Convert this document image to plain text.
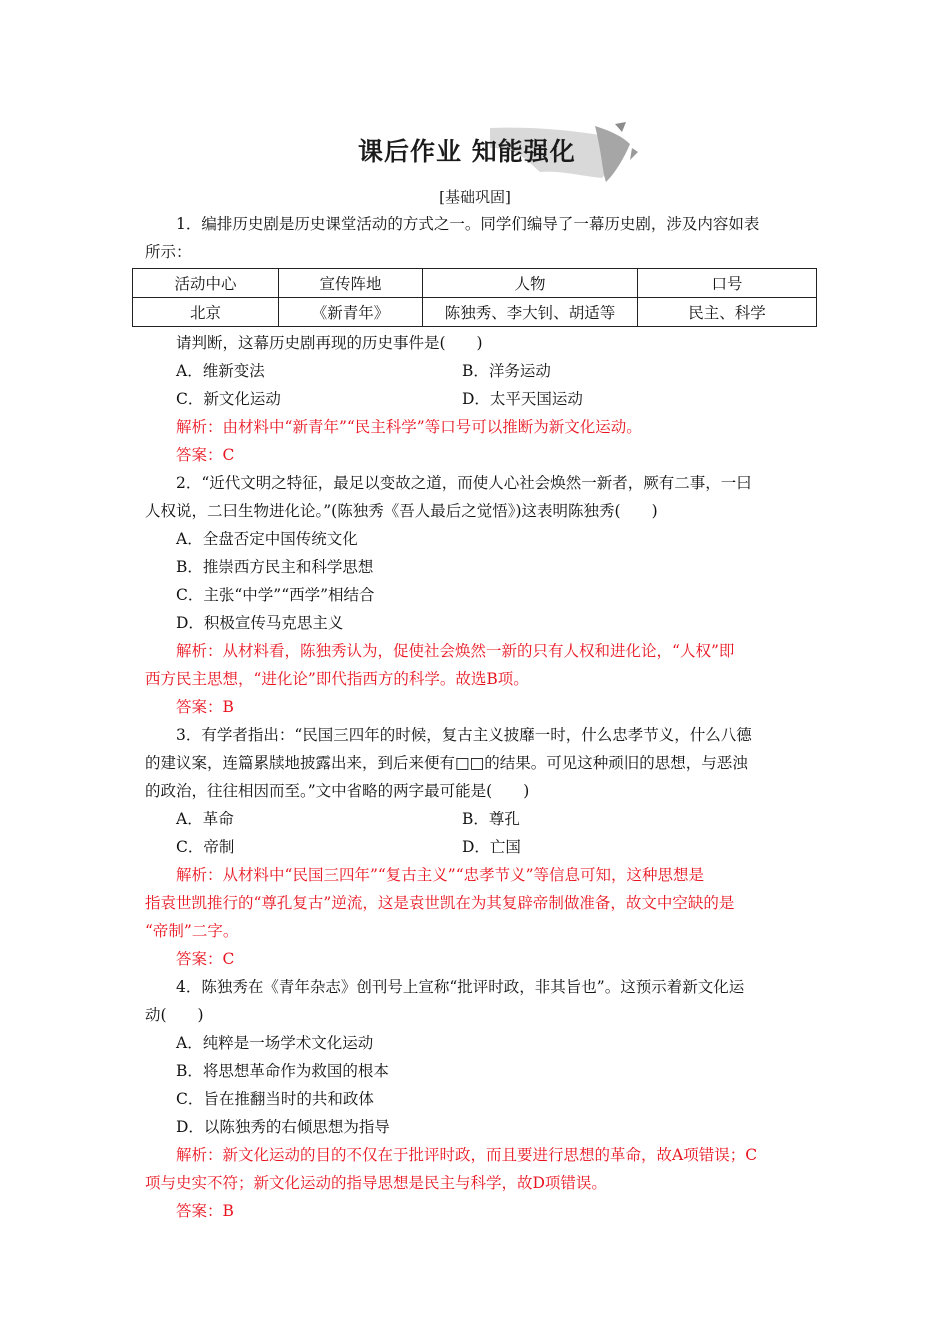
课后作业 知能强化
[基础巩固]
1．编排历史剧是历史课堂活动的方式之一。同学们编导了一幕历史剧，涉及内容如表
所示：
活动中心	宣传阵地	人物	口号
北京	《新青年》	陈独秀、李大钊、胡适等	民主、科学
请判断，这幕历史剧再现的历史事件是(　　)
A．维新变法	B．洋务运动
C．新文化运动	D．太平天国运动
解析：由材料中“新青年”“民主科学”等口号可以推断为新文化运动。
答案：C
2．“近代文明之特征，最足以变故之道，而使人心社会焕然一新者，厥有二事，一曰
人权说，二曰生物进化论。”(陈独秀《吾人最后之觉悟》)这表明陈独秀(　　)
A．全盘否定中国传统文化
B．推崇西方民主和科学思想
C．主张“中学”“西学”相结合
D．积极宣传马克思主义
解析：从材料看，陈独秀认为，促使社会焕然一新的只有人权和进化论，“人权”即
西方民主思想，“进化论”即代指西方的科学。故选B项。
答案：B
3．有学者指出：“民国三四年的时候，复古主义披靡一时，什么忠孝节义，什么八德
的建议案，连篇累牍地披露出来，到后来便有□□的结果。可见这种顽旧的思想，与恶浊
的政治，往往相因而至。”文中省略的两字最可能是(　　)
A．革命	B．尊孔
C．帝制	D．亡国
解析：从材料中“民国三四年”“复古主义”“忠孝节义”等信息可知，这种思想是
指袁世凯推行的“尊孔复古”逆流，这是袁世凯在为其复辟帝制做准备，故文中空缺的是
“帝制”二字。
答案：C
4．陈独秀在《青年杂志》创刊号上宣称“批评时政，非其旨也”。这预示着新文化运
动(　　)
A．纯粹是一场学术文化运动
B．将思想革命作为救国的根本
C．旨在推翻当时的共和政体
D．以陈独秀的右倾思想为指导
解析：新文化运动的目的不仅在于批评时政，而且要进行思想的革命，故A项错误；C
项与史实不符；新文化运动的指导思想是民主与科学，故D项错误。
答案：B
